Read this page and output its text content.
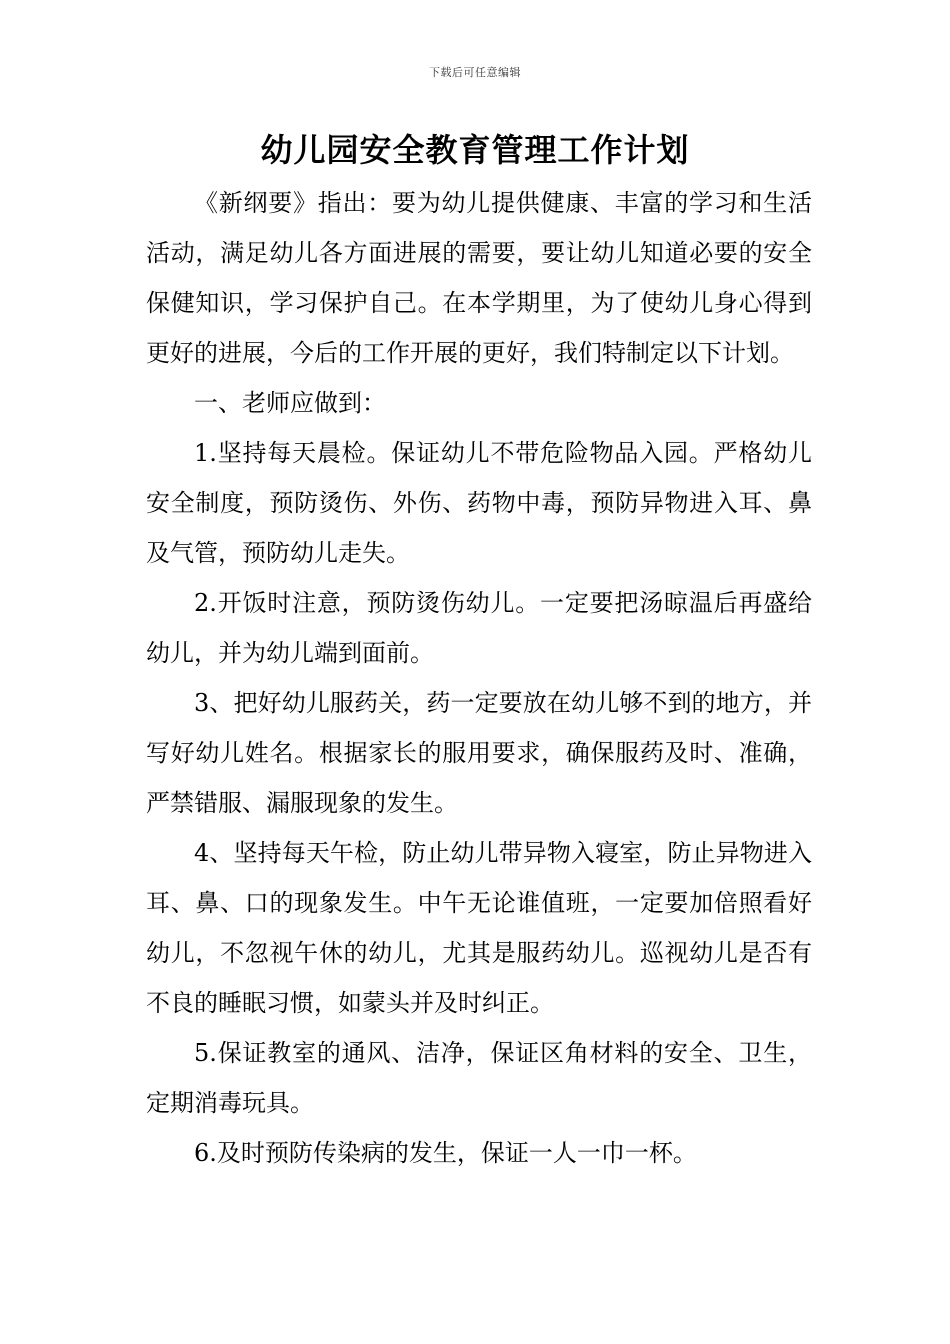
下载后可任意编辑
幼儿园安全教育管理工作计划

《新纲要》指出：要为幼儿提供健康、丰富的学习和生活活动，满足幼儿各方面进展的需要，要让幼儿知道必要的安全保健知识，学习保护自己。在本学期里，为了使幼儿身心得到更好的进展，今后的工作开展的更好，我们特制定以下计划。

一、老师应做到：

1.坚持每天晨检。保证幼儿不带危险物品入园。严格幼儿安全制度，预防烫伤、外伤、药物中毒，预防异物进入耳、鼻及气管，预防幼儿走失。

2.开饭时注意，预防烫伤幼儿。一定要把汤晾温后再盛给幼儿，并为幼儿端到面前。

3、把好幼儿服药关，药一定要放在幼儿够不到的地方，并写好幼儿姓名。根据家长的服用要求，确保服药及时、准确，严禁错服、漏服现象的发生。

4、坚持每天午检，防止幼儿带异物入寝室，防止异物进入耳、鼻、口的现象发生。中午无论谁值班，一定要加倍照看好幼儿，不忽视午休的幼儿，尤其是服药幼儿。巡视幼儿是否有不良的睡眠习惯，如蒙头并及时纠正。

5.保证教室的通风、洁净，保证区角材料的安全、卫生，定期消毒玩具。

6.及时预防传染病的发生，保证一人一巾一杯。
